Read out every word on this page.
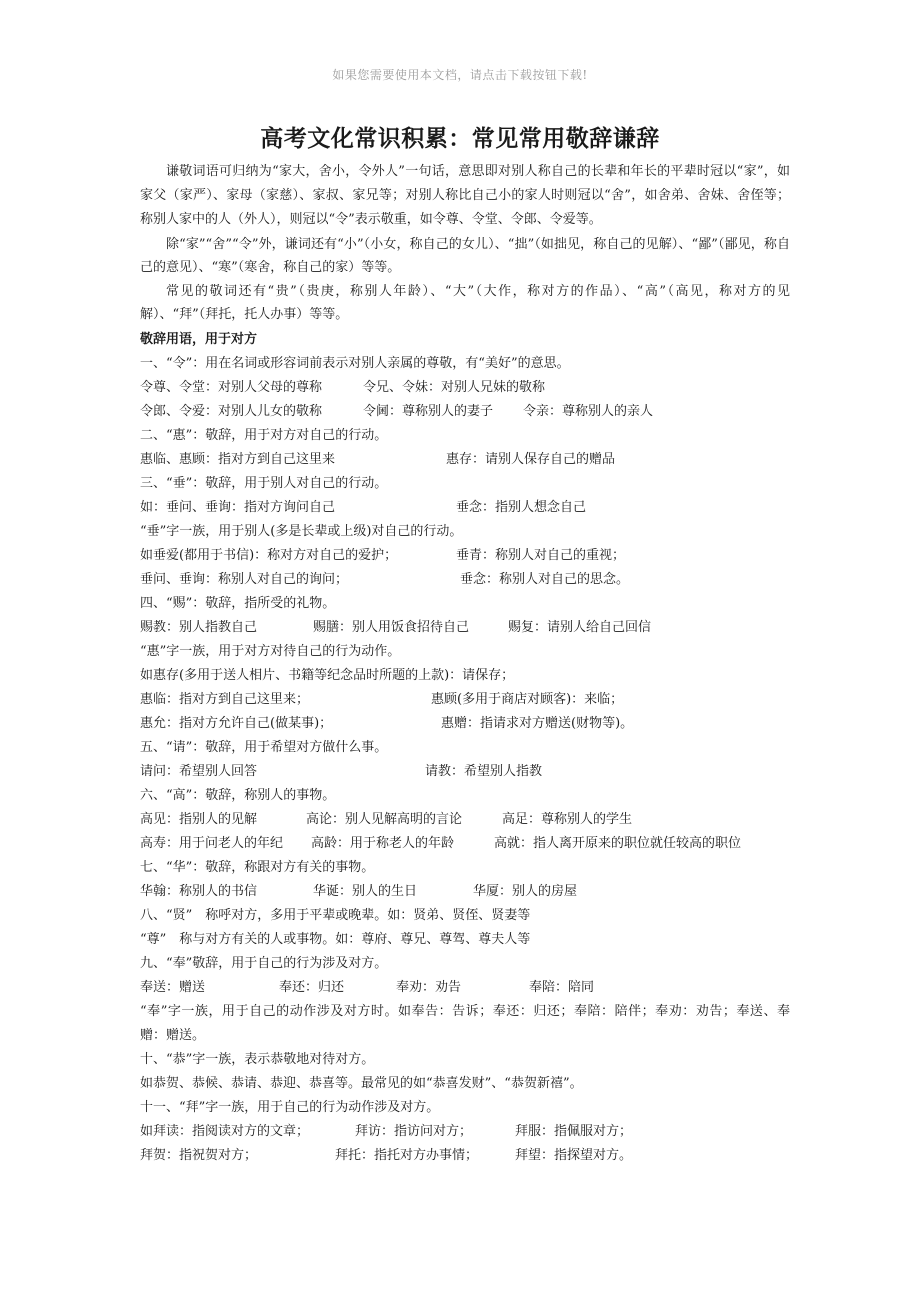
如果您需要使用本文档，请点击下载按钮下载!
高考文化常识积累：常见常用敬辞谦辞

谦敬词语可归纳为“家大，舍小，令外人”一句话，意思即对别人称自己的长辈和年长的平辈时冠以“家”，如家父（家严）、家母（家慈）、家叔、家兄等；对别人称比自己小的家人时则冠以“舍”，如舍弟、舍妹、舍侄等；称别人家中的人（外人），则冠以“令”表示敬重，如令尊、令堂、令郎、令爱等。

除“家”“舍”“令”外，谦词还有“小”（小女，称自己的女儿）、“拙”（如拙见，称自己的见解）、“鄙”（鄙见，称自己的意见）、“寒”（寒舍，称自己的家）等等。

常见的敬词还有“贵”（贵庚，称别人年龄）、“大”（大作，称对方的作品）、“高”（高见，称对方的见解）、“拜”（拜托，托人办事）等等。

敬辞用语，用于对方

一、“令”：用在名词或形容词前表示对别人亲属的尊敬，有“美好”的意思。

令尊、令堂：对别人父母的尊称	令兄、令妹：对别人兄妹的敬称

令郎、令爱：对别人儿女的敬称	令阃：尊称别人的妻子 令亲：尊称别人的亲人

二、“惠”：敬辞，用于对方对自己的行动。

惠临、惠顾：指对方到自己这里来	惠存：请别人保存自己的赠品

三、“垂”：敬辞，用于别人对自己的行动。

如：垂问、垂询：指对方询问自己	垂念：指别人想念自己

“垂”字一族，用于别人(多是长辈或上级)对自己的行动。

如垂爱(都用于书信)：称对方对自己的爱护；	垂青：称别人对自己的重视；

垂问、垂询：称别人对自己的询问；	垂念：称别人对自己的思念。

四、“赐”：敬辞，指所受的礼物。

赐教：别人指教自己	赐膳：别人用饭食招待自己	赐复：请别人给自己回信

“惠”字一族，用于对方对待自己的行为动作。

如惠存(多用于送人相片、书籍等纪念品时所题的上款)：请保存；

惠临：指对方到自己这里来；	惠顾(多用于商店对顾客)：来临；

惠允：指对方允许自己(做某事)；	惠赠：指请求对方赠送(财物等)。

五、“请”：敬辞，用于希望对方做什么事。

请问：希望别人回答	请教：希望别人指教

六、“高”：敬辞，称别人的事物。

高见：指别人的见解	高论：别人见解高明的言论	高足：尊称别人的学生

高寿：用于问老人的年纪 高龄：用于称老人的年龄	高就：指人离开原来的职位就任较高的职位

七、“华”：敬辞，称跟对方有关的事物。

华翰：称别人的书信	华诞：别人的生日	华厦：别人的房屋

八、“贤”　称呼对方，多用于平辈或晚辈。如：贤弟、贤侄、贤妻等

“尊”　称与对方有关的人或事物。如：尊府、尊兄、尊驾、尊夫人等

九、“奉”敬辞，用于自己的行为涉及对方。

奉送：赠送	奉还：归还	奉劝：劝告	奉陪：陪同

“奉”字一族，用于自己的动作涉及对方时。如奉告：告诉；奉还：归还；奉陪：陪伴；奉劝：劝告；奉送、奉赠：赠送。

十、“恭”字一族，表示恭敬地对待对方。

如恭贺、恭候、恭请、恭迎、恭喜等。最常见的如“恭喜发财”、“恭贺新禧”。

十一、“拜”字一族，用于自己的行为动作涉及对方。

如拜读：指阅读对方的文章；	拜访：指访问对方；	拜服：指佩服对方；

拜贺：指祝贺对方；	拜托：指托对方办事情；	拜望：指探望对方。
